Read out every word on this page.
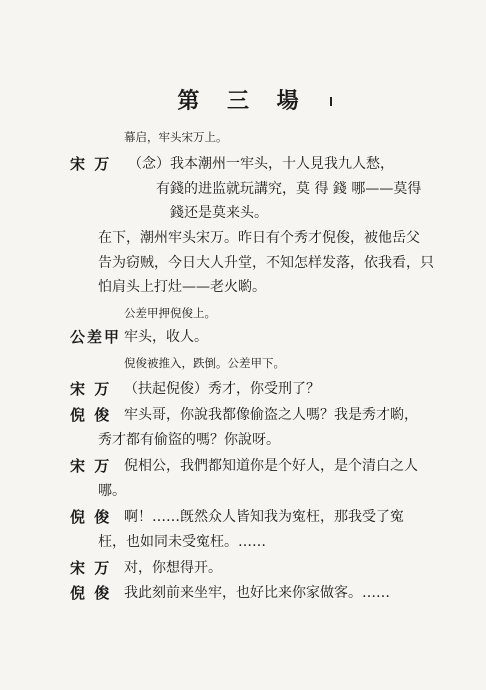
第 三 場
幕启，牢头宋万上。
宋 万 （念）我本潮州一牢头，十人見我九人愁，
有錢的进监就玩講究，莫 得 錢 哪——莫得
錢还是莫来头。
在下，潮州牢头宋万。昨日有个秀才倪俊，被他岳父
告为窃贼，今日大人升堂，不知怎样发落，依我看，只
怕肩头上打灶——老火喲。
公差甲押倪俊上。
公差甲 牢头，收人。
倪俊被推入，跌倒。公差甲下。
宋 万 （扶起倪俊）秀才，你受刑了？
倪 俊 牢头哥，你說我都像偷盗之人嗎？我是秀才喲，
秀才都有偷盜的嗎？你說呀。
宋 万 倪相公，我們都知道你是个好人，是个清白之人
哪。
倪 俊 啊！……旣然众人皆知我为寃枉，那我受了寃
枉，也如同未受寃枉。……
宋 万 对，你想得开。
倪 俊 我此刻前来坐牢，也好比来你家做客。……
